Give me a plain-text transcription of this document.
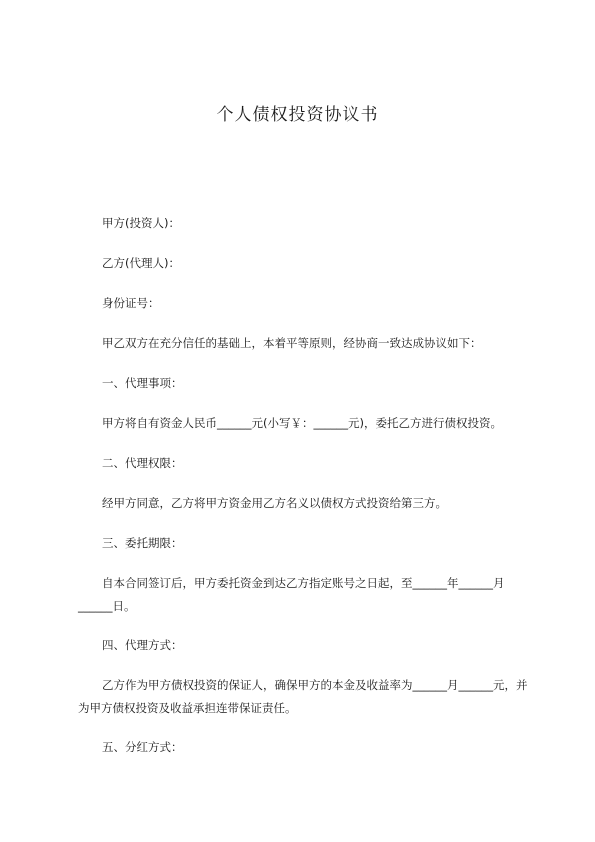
个人债权投资协议书
甲方(投资人)：
乙方(代理人)：
身份证号：
甲乙双方在充分信任的基础上，本着平等原则，经协商一致达成协议如下：
一、代理事项：
甲方将自有资金人民币______元(小写￥：______元)，委托乙方进行债权投资。
二、代理权限：
经甲方同意，乙方将甲方资金用乙方名义以债权方式投资给第三方。
三、委托期限：
自本合同签订后，甲方委托资金到达乙方指定账号之日起，至______年______月______日。
四、代理方式：
乙方作为甲方债权投资的保证人，确保甲方的本金及收益率为______月______元，并为甲方债权投资及收益承担连带保证责任。
五、分红方式：
